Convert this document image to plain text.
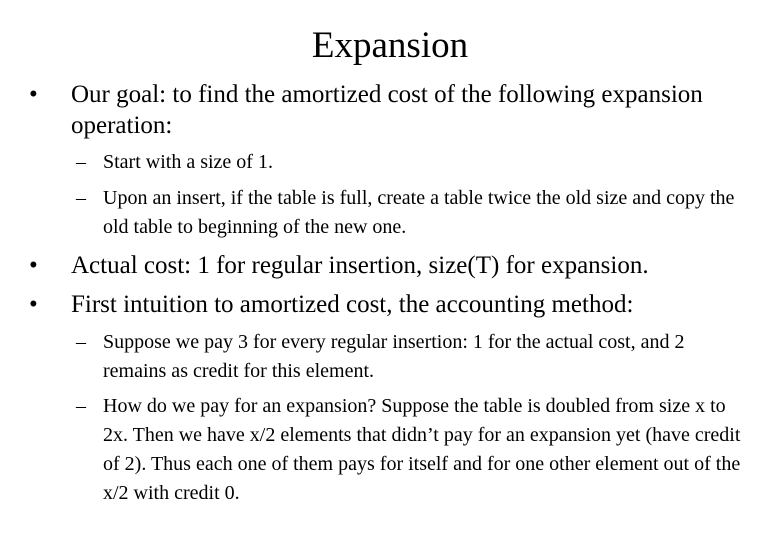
Expansion
• Our goal: to find the amortized cost of the following expansion operation:
– Start with a size of 1.
– Upon an insert, if the table is full, create a table twice the old size and copy the old table to beginning of the new one.
• Actual cost: 1 for regular insertion, size(T) for expansion.
• First intuition to amortized cost, the accounting method:
– Suppose we pay 3 for every regular insertion: 1 for the actual cost, and 2 remains as credit for this element.
– How do we pay for an expansion? Suppose the table is doubled from size x to 2x. Then we have x/2 elements that didn’t pay for an expansion yet (have credit of 2). Thus each one of them pays for itself and for one other element out of the x/2 with credit 0.
